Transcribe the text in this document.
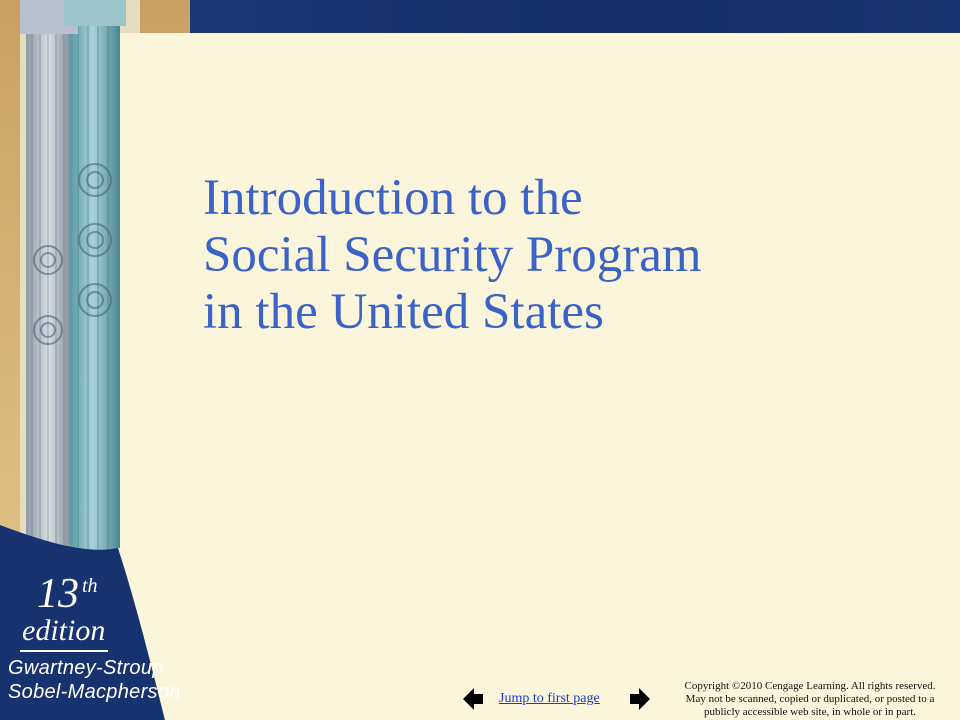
Introduction to the
Social Security Program
in the United States
13 th
edition
Gwartney-Stroup
Sobel-Macpherson	Jump to first page
Copyright ©2010 Cengage Learning. All rights reserved.
May not be scanned, copied or duplicated, or posted to a
publicly accessible web site, in whole or in part.
